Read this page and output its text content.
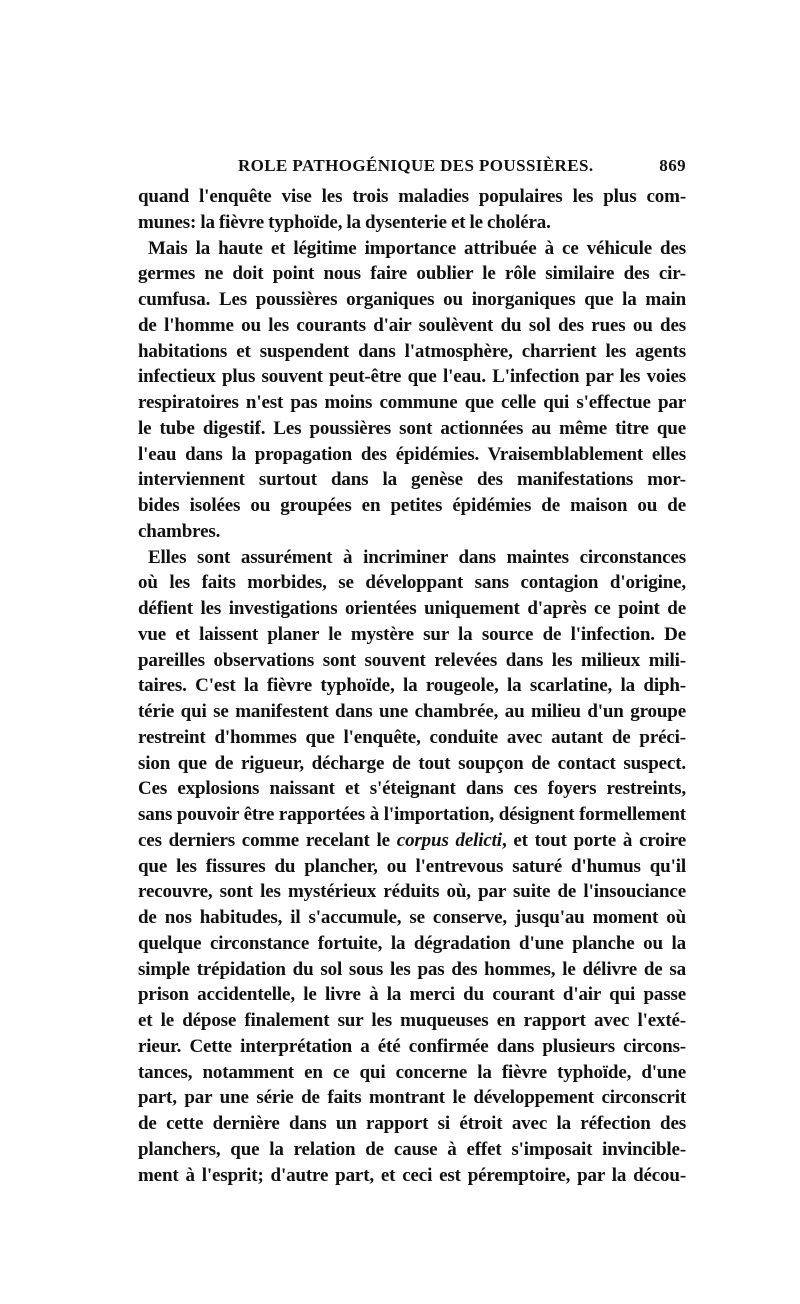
ROLE PATHOGÉNIQUE DES POUSSIÈRES.	869
quand l'enquête vise les trois maladies populaires les plus com-
munes: la fièvre typhoïde, la dysenterie et le choléra.
Mais la haute et légitime importance attribuée à ce véhicule des
germes ne doit point nous faire oublier le rôle similaire des cir-
cumfusa. Les poussières organiques ou inorganiques que la main
de l'homme ou les courants d'air soulèvent du sol des rues ou des
habitations et suspendent dans l'atmosphère, charrient les agents
infectieux plus souvent peut-être que l'eau. L'infection par les voies
respiratoires n'est pas moins commune que celle qui s'effectue par
le tube digestif. Les poussières sont actionnées au même titre que
l'eau dans la propagation des épidémies. Vraisemblablement elles
interviennent surtout dans la genèse des manifestations mor-
bides isolées ou groupées en petites épidémies de maison ou de
chambres.
Elles sont assurément à incriminer dans maintes circonstances
où les faits morbides, se développant sans contagion d'origine,
défient les investigations orientées uniquement d'après ce point de
vue et laissent planer le mystère sur la source de l'infection. De
pareilles observations sont souvent relevées dans les milieux mili-
taires. C'est la fièvre typhoïde, la rougeole, la scarlatine, la diph-
térie qui se manifestent dans une chambrée, au milieu d'un groupe
restreint d'hommes que l'enquête, conduite avec autant de préci-
sion que de rigueur, décharge de tout soupçon de contact suspect.
Ces explosions naissant et s'éteignant dans ces foyers restreints,
sans pouvoir être rapportées à l'importation, désignent formellement
ces derniers comme recelant le corpus delicti, et tout porte à croire
que les fissures du plancher, ou l'entrevous saturé d'humus qu'il
recouvre, sont les mystérieux réduits où, par suite de l'insouciance
de nos habitudes, il s'accumule, se conserve, jusqu'au moment où
quelque circonstance fortuite, la dégradation d'une planche ou la
simple trépidation du sol sous les pas des hommes, le délivre de sa
prison accidentelle, le livre à la merci du courant d'air qui passe
et le dépose finalement sur les muqueuses en rapport avec l'exté-
rieur. Cette interprétation a été confirmée dans plusieurs circons-
tances, notamment en ce qui concerne la fièvre typhoïde, d'une
part, par une série de faits montrant le développement circonscrit
de cette dernière dans un rapport si étroit avec la réfection des
planchers, que la relation de cause à effet s'imposait invincible-
ment à l'esprit; d'autre part, et ceci est péremptoire, par la décou-
